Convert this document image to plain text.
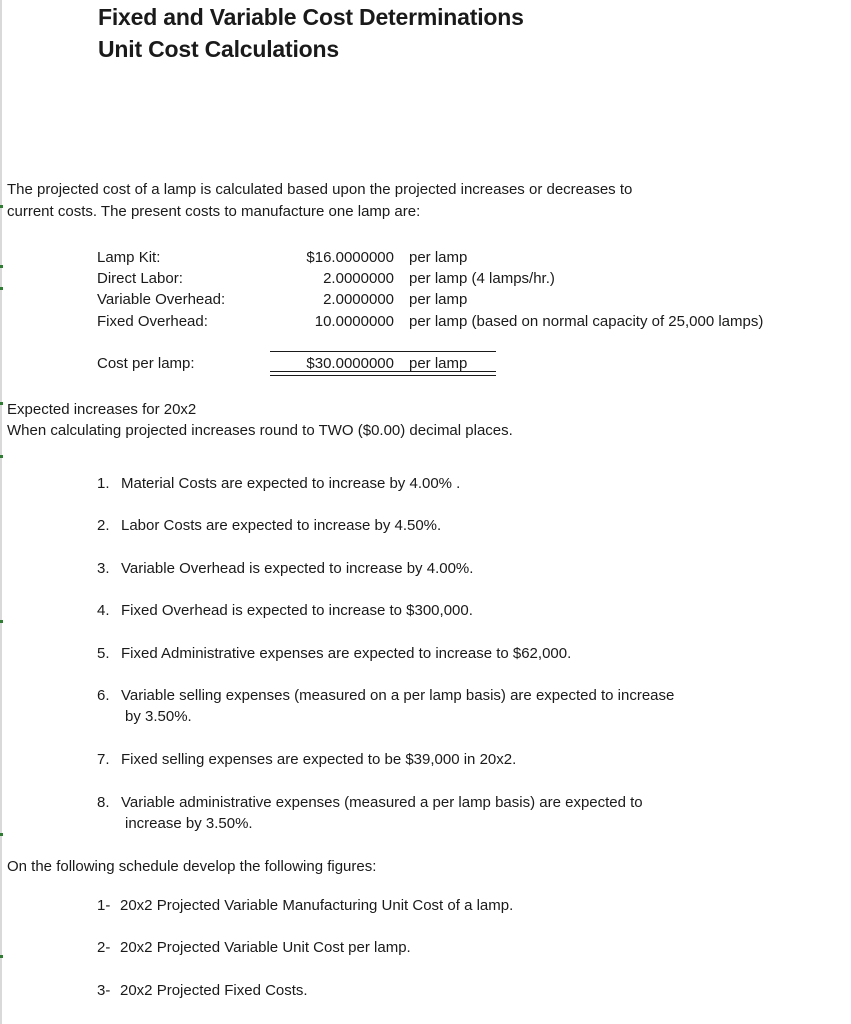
Fixed and Variable Cost Determinations
Unit Cost Calculations
The projected cost of a lamp is calculated based upon the projected increases or decreases to
current costs. The present costs to manufacture one lamp are:
Lamp Kit:	$16.0000000 per lamp
Direct Labor:	2.0000000 per lamp (4 lamps/hr.)
Variable Overhead:	2.0000000 per lamp
Fixed Overhead:	10.0000000 per lamp (based on normal capacity of 25,000 lamps)
Cost per lamp:	$30.0000000 per lamp
Expected increases for 20x2
When calculating projected increases round to TWO ($0.00) decimal places.
1. Material Costs are expected to increase by 4.00% .
2. Labor Costs are expected to increase by 4.50%.
3. Variable Overhead is expected to increase by 4.00%.
4. Fixed Overhead is expected to increase to $300,000.
5. Fixed Administrative expenses are expected to increase to $62,000.
6. Variable selling expenses (measured on a per lamp basis) are expected to increase
by 3.50%.
7. Fixed selling expenses are expected to be $39,000 in 20x2.
8. Variable administrative expenses (measured a per lamp basis) are expected to
increase by 3.50%.
On the following schedule develop the following figures:
1- 20x2 Projected Variable Manufacturing Unit Cost of a lamp.
2- 20x2 Projected Variable Unit Cost per lamp.
3- 20x2 Projected Fixed Costs.
